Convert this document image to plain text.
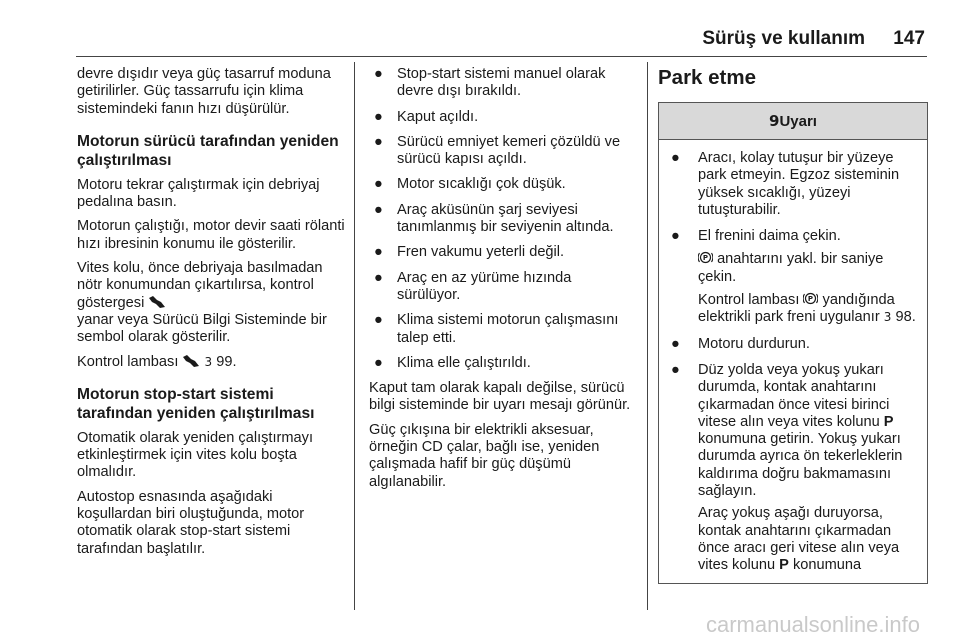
Sürüş ve kullanım 147

devre dışıdır veya güç tasarruf moduna getirilirler. Güç tassarrufu için klima sistemindeki fanın hızı düşürülür.

Motorun sürücü tarafından yeniden çalıştırılması

Motoru tekrar çalıştırmak için debriyaj pedalına basın.

Motorun çalıştığı, motor devir saati rölanti hızı ibresinin konumu ile gösterilir.

Vites kolu, önce debriyaja basılmadan nötr konumundan çıkartılırsa, kontrol göstergesi

yanar veya Sürücü Bilgi Sisteminde bir sembol olarak gösterilir.

Kontrol lambası 3 99.

Motorun stop-start sistemi tarafından yeniden çalıştırılması

Otomatik olarak yeniden çalıştırmayı etkinleştirmek için vites kolu boşta olmalıdır.

Autostop esnasında aşağıdaki koşullardan biri oluştuğunda, motor otomatik olarak stop-start sistemi tarafından başlatılır.

● Stop-start sistemi manuel olarak devre dışı bırakıldı.
● Kaput açıldı.
● Sürücü emniyet kemeri çözüldü ve sürücü kapısı açıldı.
● Motor sıcaklığı çok düşük.
● Araç aküsünün şarj seviyesi tanımlanmış bir seviyenin altında.
● Fren vakumu yeterli değil.
● Araç en az yürüme hızında sürülüyor.
● Klima sistemi motorun çalışmasını talep etti.
● Klima elle çalıştırıldı.

Kaput tam olarak kapalı değilse, sürücü bilgi sisteminde bir uyarı mesajı görünür.

Güç çıkışına bir elektrikli aksesuar, örneğin CD çalar, bağlı ise, yeniden çalışmada hafif bir güç düşümü algılanabilir.

Park etme
9Uyarı
● Aracı, kolay tutuşur bir yüzeye park etmeyin. Egzoz sisteminin yüksek sıcaklığı, yüzeyi tutuşturabilir.
● El frenini daima çekin.
P anahtarını yakl. bir saniye çekin.
Kontrol lambası P yandığında elektrikli park freni uygulanır 3 98.
● Motoru durdurun.
● Düz yolda veya yokuş yukarı durumda, kontak anahtarını çıkarmadan önce vitesi birinci vitese alın veya vites kolunu P konumuna getirin. Yokuş yukarı durumda ayrıca ön tekerleklerin kaldırıma doğru bakmamasını sağlayın.
Araç yokuş aşağı duruyorsa, kontak anahtarını çıkarmadan önce aracı geri vitese alın veya vites kolunu P konumuna
carmanualsonline.info
